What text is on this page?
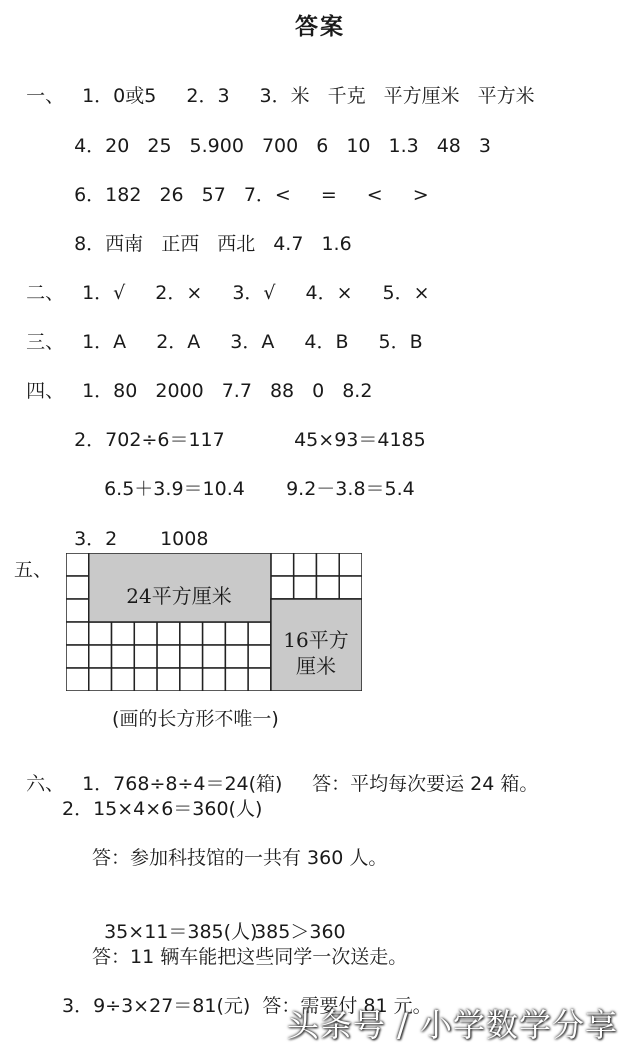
答案

一、 1．0或5 2．3 3．米 千克 平方厘米 平方米

4．20 25 5.900 700 6 10 1.3 48 3

6．182 26 57 7．< = < >

8．西南 正西 西北 4.7 1.6

二、 1．√ 2．× 3．√ 4．× 5．×

三、 1．A 2．A 3．A 4．B 5．B

四、 1．80 2000 7.7 88 0 8.2

2．702÷6＝117	45×93＝4185

6.5＋3.9＝10.4 9.2－3.8＝5.4

3．2 1008

五、
24平方厘米
16平方
厘米
(画的长方形不唯一)

六、 1．768÷8÷4＝24(箱) 答：平均每次要运 24 箱。

2．15×4×6＝360(人)
答：参加科技馆的一共有 360 人。

35×11＝385(人)385＞360

答：11 辆车能把这些同学一次送走。
3．9÷3×27＝81(元)  答：需要付 81 元。
头条号 / 小学数学分享
